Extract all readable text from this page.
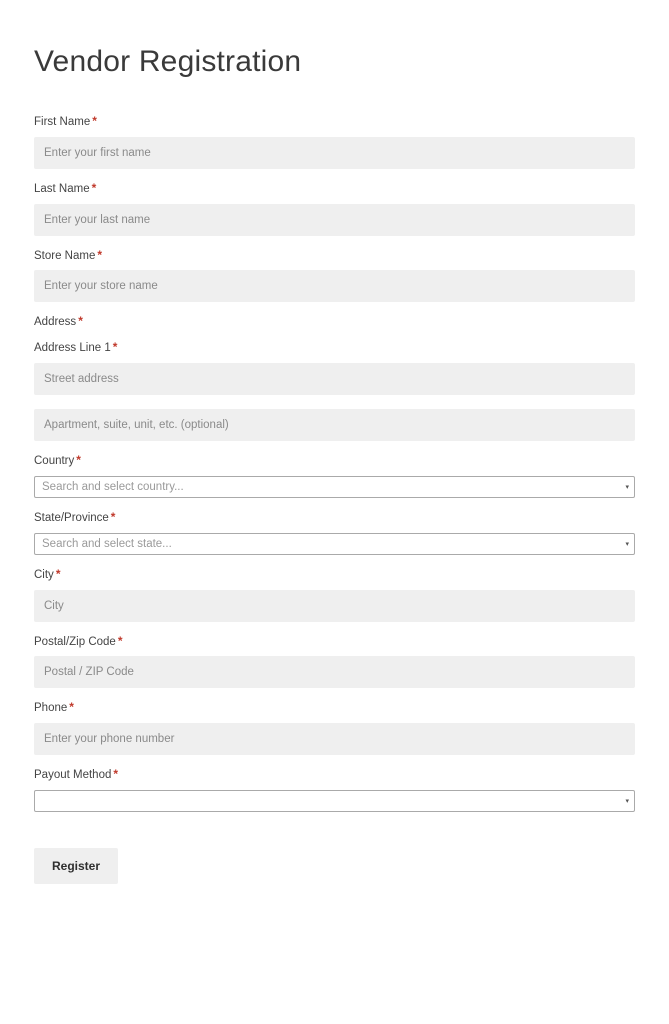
Vendor Registration
First Name *
Enter your first name
Last Name *
Enter your last name
Store Name *
Enter your store name
Address *
Address Line 1 *
Street address
Apartment, suite, unit, etc. (optional)
Country *
Search and select country...	▾
State/Province *
Search and select state...	▾
City *
City
Postal/Zip Code *
Postal / ZIP Code
Phone *
Enter your phone number
Payout Method *
▾
Register
